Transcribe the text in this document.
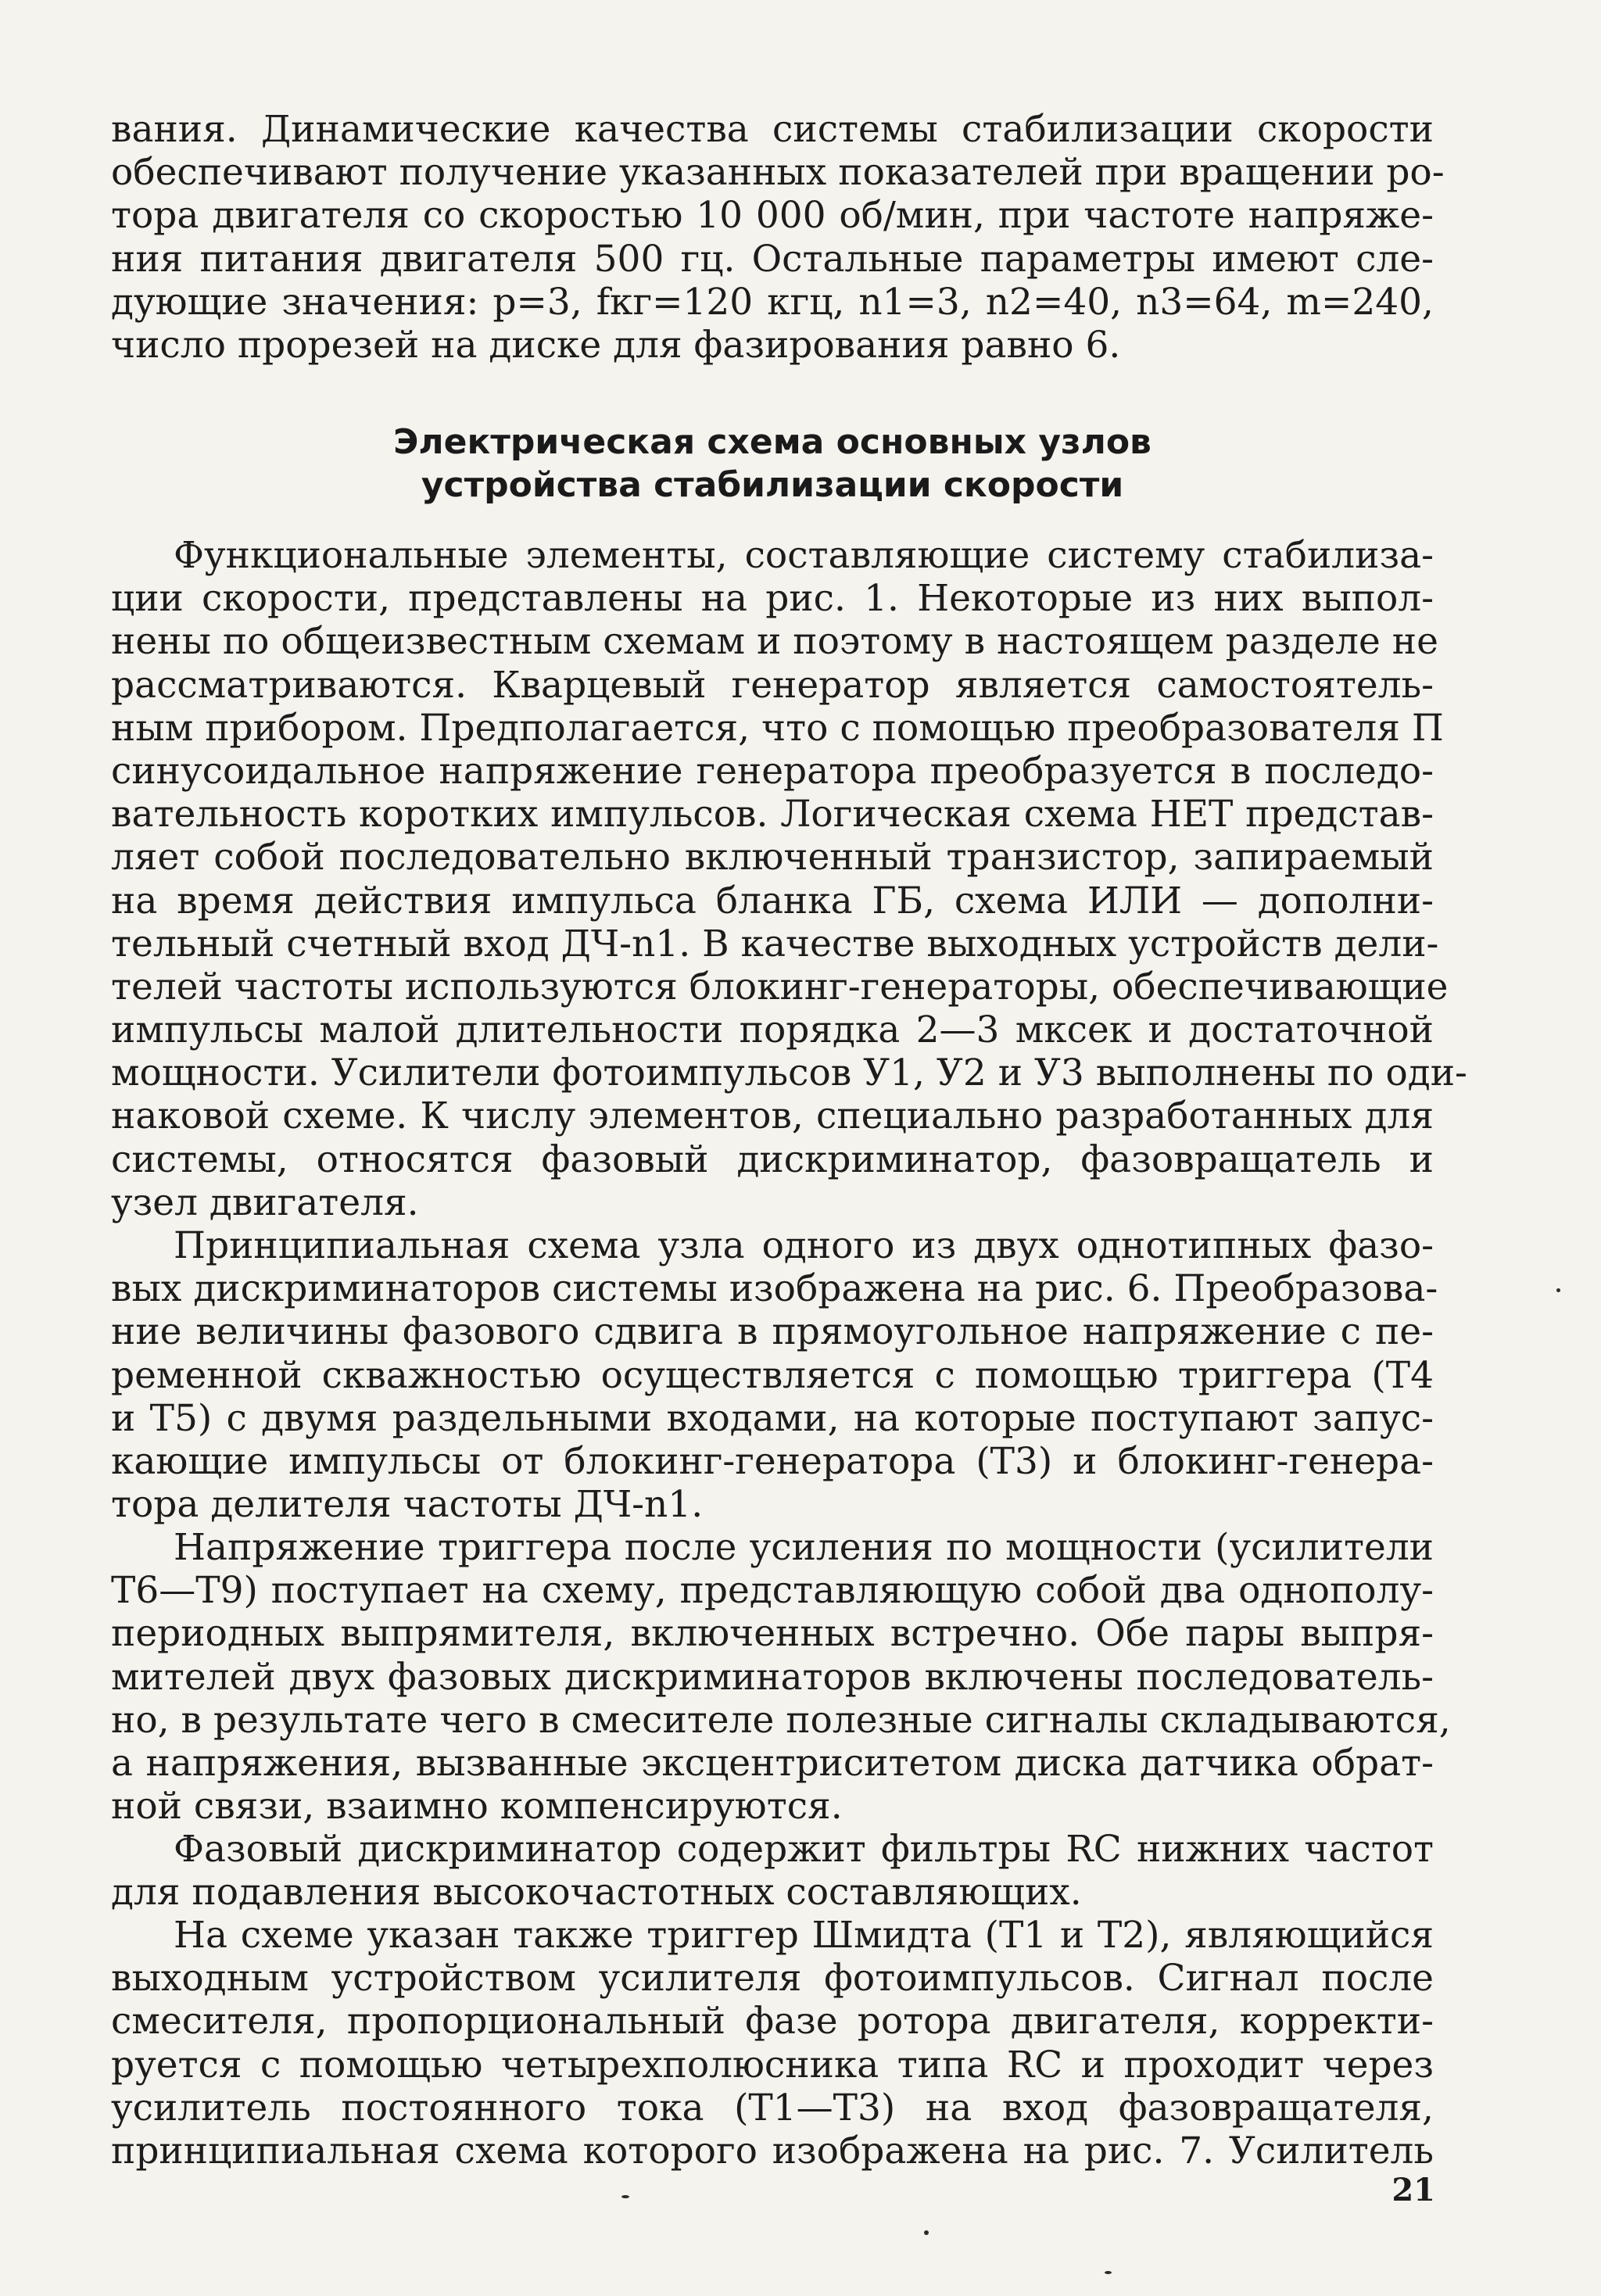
вания. Динамические качества системы стабилизации скорости
обеспечивают получение указанных показателей при вращении ро-
тора двигателя со скоростью 10 000 об/мин, при частоте напряже-
ния питания двигателя 500 гц. Остальные параметры имеют сле-
дующие значения: p=3, fкг=120 кгц, n1=3, n2=40, n3=64, m=240,
число прорезей на диске для фазирования равно 6.
Электрическая схема основных узлов
устройства стабилизации скорости
Функциональные элементы, составляющие систему стабилиза-
ции скорости, представлены на рис. 1. Некоторые из них выпол-
нены по общеизвестным схемам и поэтому в настоящем разделе не
рассматриваются. Кварцевый генератор является самостоятель-
ным прибором. Предполагается, что с помощью преобразователя П
синусоидальное напряжение генератора преобразуется в последо-
вательность коротких импульсов. Логическая схема НЕТ представ-
ляет собой последовательно включенный транзистор, запираемый
на время действия импульса бланка ГБ, схема ИЛИ — дополни-
тельный счетный вход ДЧ-n1. В качестве выходных устройств дели-
телей частоты используются блокинг-генераторы, обеспечивающие
импульсы малой длительности порядка 2—3 мксек и достаточной
мощности. Усилители фотоимпульсов У1, У2 и У3 выполнены по оди-
наковой схеме. К числу элементов, специально разработанных для
системы, относятся фазовый дискриминатор, фазовращатель и
узел двигателя.
Принципиальная схема узла одного из двух однотипных фазо-
вых дискриминаторов системы изображена на рис. 6. Преобразова-
ние величины фазового сдвига в прямоугольное напряжение с пе-
ременной скважностью осуществляется с помощью триггера (T4
и T5) с двумя раздельными входами, на которые поступают запус-
кающие импульсы от блокинг-генератора (T3) и блокинг-генера-
тора делителя частоты ДЧ-n1.
Напряжение триггера после усиления по мощности (усилители
T6—T9) поступает на схему, представляющую собой два однополу-
периодных выпрямителя, включенных встречно. Обе пары выпря-
мителей двух фазовых дискриминаторов включены последователь-
но, в результате чего в смесителе полезные сигналы складываются,
а напряжения, вызванные эксцентриситетом диска датчика обрат-
ной связи, взаимно компенсируются.
Фазовый дискриминатор содержит фильтры RC нижних частот
для подавления высокочастотных составляющих.
На схеме указан также триггер Шмидта (T1 и T2), являющийся
выходным устройством усилителя фотоимпульсов. Сигнал после
смесителя, пропорциональный фазе ротора двигателя, корректи-
руется с помощью четырехполюсника типа RC и проходит через
усилитель постоянного тока (T1—T3) на вход фазовращателя,
принципиальная схема которого изображена на рис. 7. Усилитель
21
